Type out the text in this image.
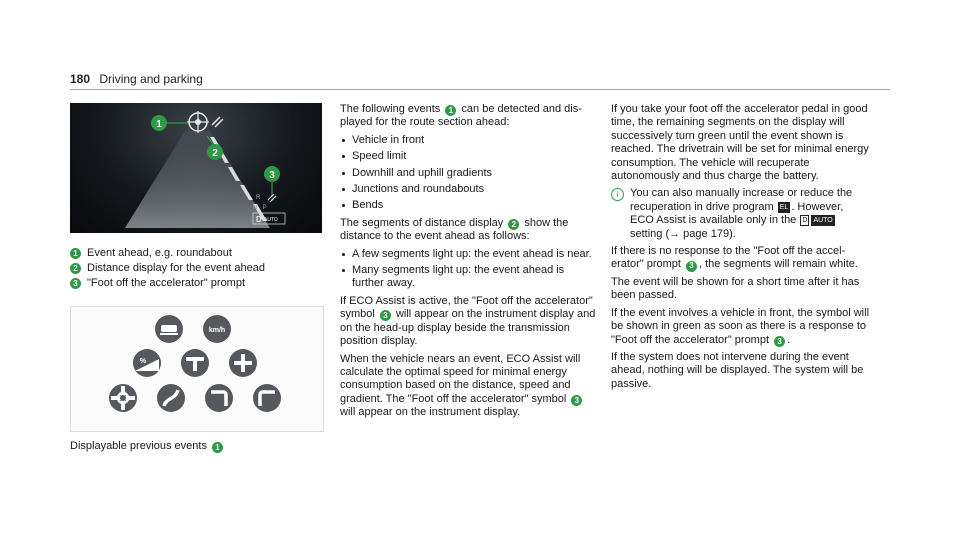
180 Driving and parking
1
2
3
R
N · P
D AUTO
1 Event ahead, e.g. roundabout
2 Distance display for the event ahead
3 "Foot off the accelerator" prompt
km/h
%
Displayable previous events 1

The following events 1 can be detected and displayed for the route section ahead:

Vehicle in front
Speed limit
Downhill and uphill gradients
Junctions and roundabouts
Bends

The segments of distance display 2 show the distance to the event ahead as follows:

A few segments light up: the event ahead is near.
Many segments light up: the event ahead is further away.

If ECO Assist is active, the "Foot off the accelerator" symbol 3 will appear on the instrument display and on the head-up display beside the transmission position display.

When the vehicle nears an event, ECO Assist will calculate the optimal speed for minimal energy consumption based on the distance, speed and gradient. The "Foot off the accelerator" symbol 3 will appear on the instrument display.

If you take your foot off the accelerator pedal in good time, the remaining segments on the display will successively turn green until the event shown is reached. The drivetrain will be set for minimal energy consumption. The vehicle will recuperate autonomously and thus charge the battery.

i	You can also manually increase or reduce the recuperation in drive program EL . However, ECO Assist is available only in the D AUTO setting (→ page 179).

If there is no response to the "Foot off the accelerator" prompt 3 , the segments will remain white.

The event will be shown for a short time after it has been passed.

If the event involves a vehicle in front, the symbol will be shown in green as soon as there is a response to "Foot off the accelerator" prompt 3 .

If the system does not intervene during the event ahead, nothing will be displayed. The system will be passive.
